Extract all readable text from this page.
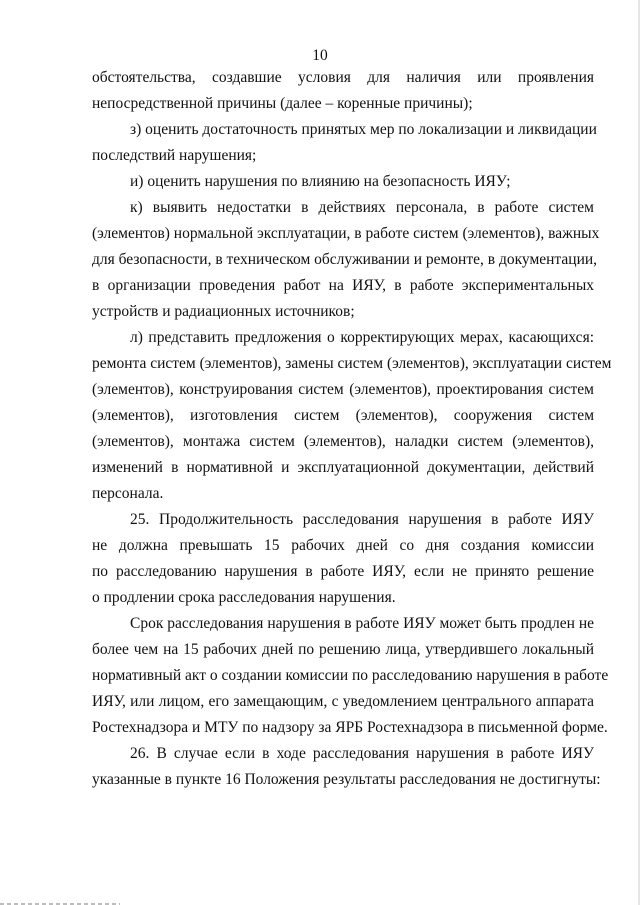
10
обстоятельства, создавшие условия для наличия или проявления
непосредственной причины (далее – коренные причины);
з) оценить достаточность принятых мер по локализации и ликвидации
последствий нарушения;
и) оценить нарушения по влиянию на безопасность ИЯУ;
к) выявить недостатки в действиях персонала, в работе систем
(элементов) нормальной эксплуатации, в работе систем (элементов), важных
для безопасности, в техническом обслуживании и ремонте, в документации,
в организации проведения работ на ИЯУ, в работе экспериментальных
устройств и радиационных источников;
л) представить предложения о корректирующих мерах, касающихся:
ремонта систем (элементов), замены систем (элементов), эксплуатации систем
(элементов), конструирования систем (элементов), проектирования систем
(элементов), изготовления систем (элементов), сооружения систем
(элементов), монтажа систем (элементов), наладки систем (элементов),
изменений в нормативной и эксплуатационной документации, действий
персонала.
25. Продолжительность расследования нарушения в работе ИЯУ
не должна превышать 15 рабочих дней со дня создания комиссии
по расследованию нарушения в работе ИЯУ, если не принято решение
о продлении срока расследования нарушения.
Срок расследования нарушения в работе ИЯУ может быть продлен не
более чем на 15 рабочих дней по решению лица, утвердившего локальный
нормативный акт о создании комиссии по расследованию нарушения в работе
ИЯУ, или лицом, его замещающим, с уведомлением центрального аппарата
Ростехнадзора и МТУ по надзору за ЯРБ Ростехнадзора в письменной форме.
26. В случае если в ходе расследования нарушения в работе ИЯУ
указанные в пункте 16 Положения результаты расследования не достигнуты:
